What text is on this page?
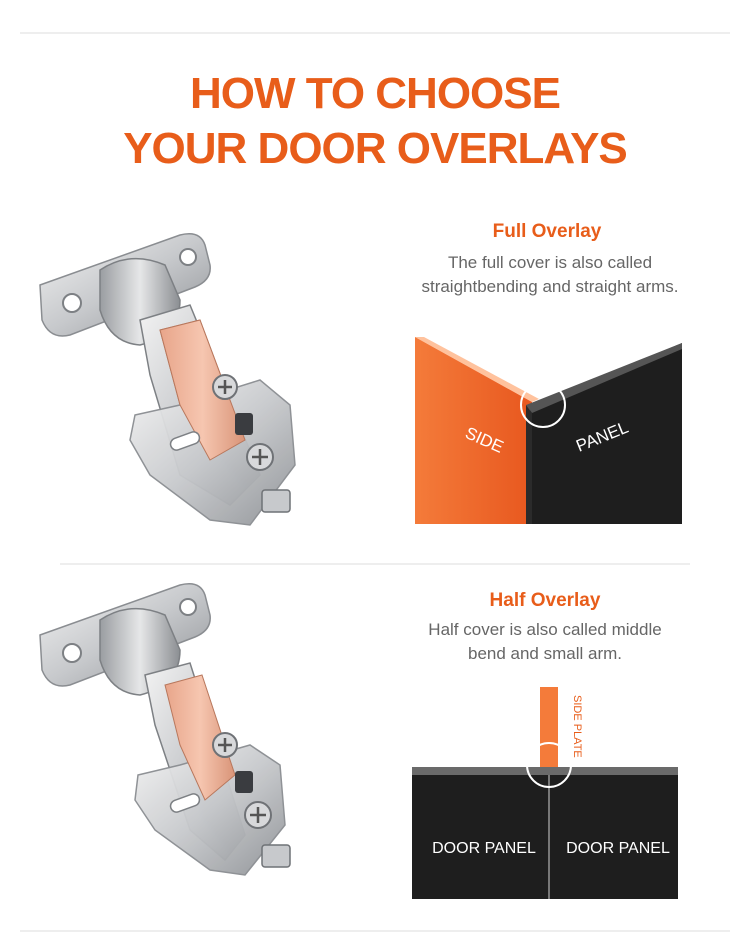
HOW TO CHOOSE
YOUR DOOR OVERLAYS
Full Overlay
The full cover is also called
straightbending and straight arms.
SIDE	PANEL
Half Overlay
Half cover is also called middle
bend and small arm.
SIDE PLATE
DOOR PANEL DOOR PANEL
